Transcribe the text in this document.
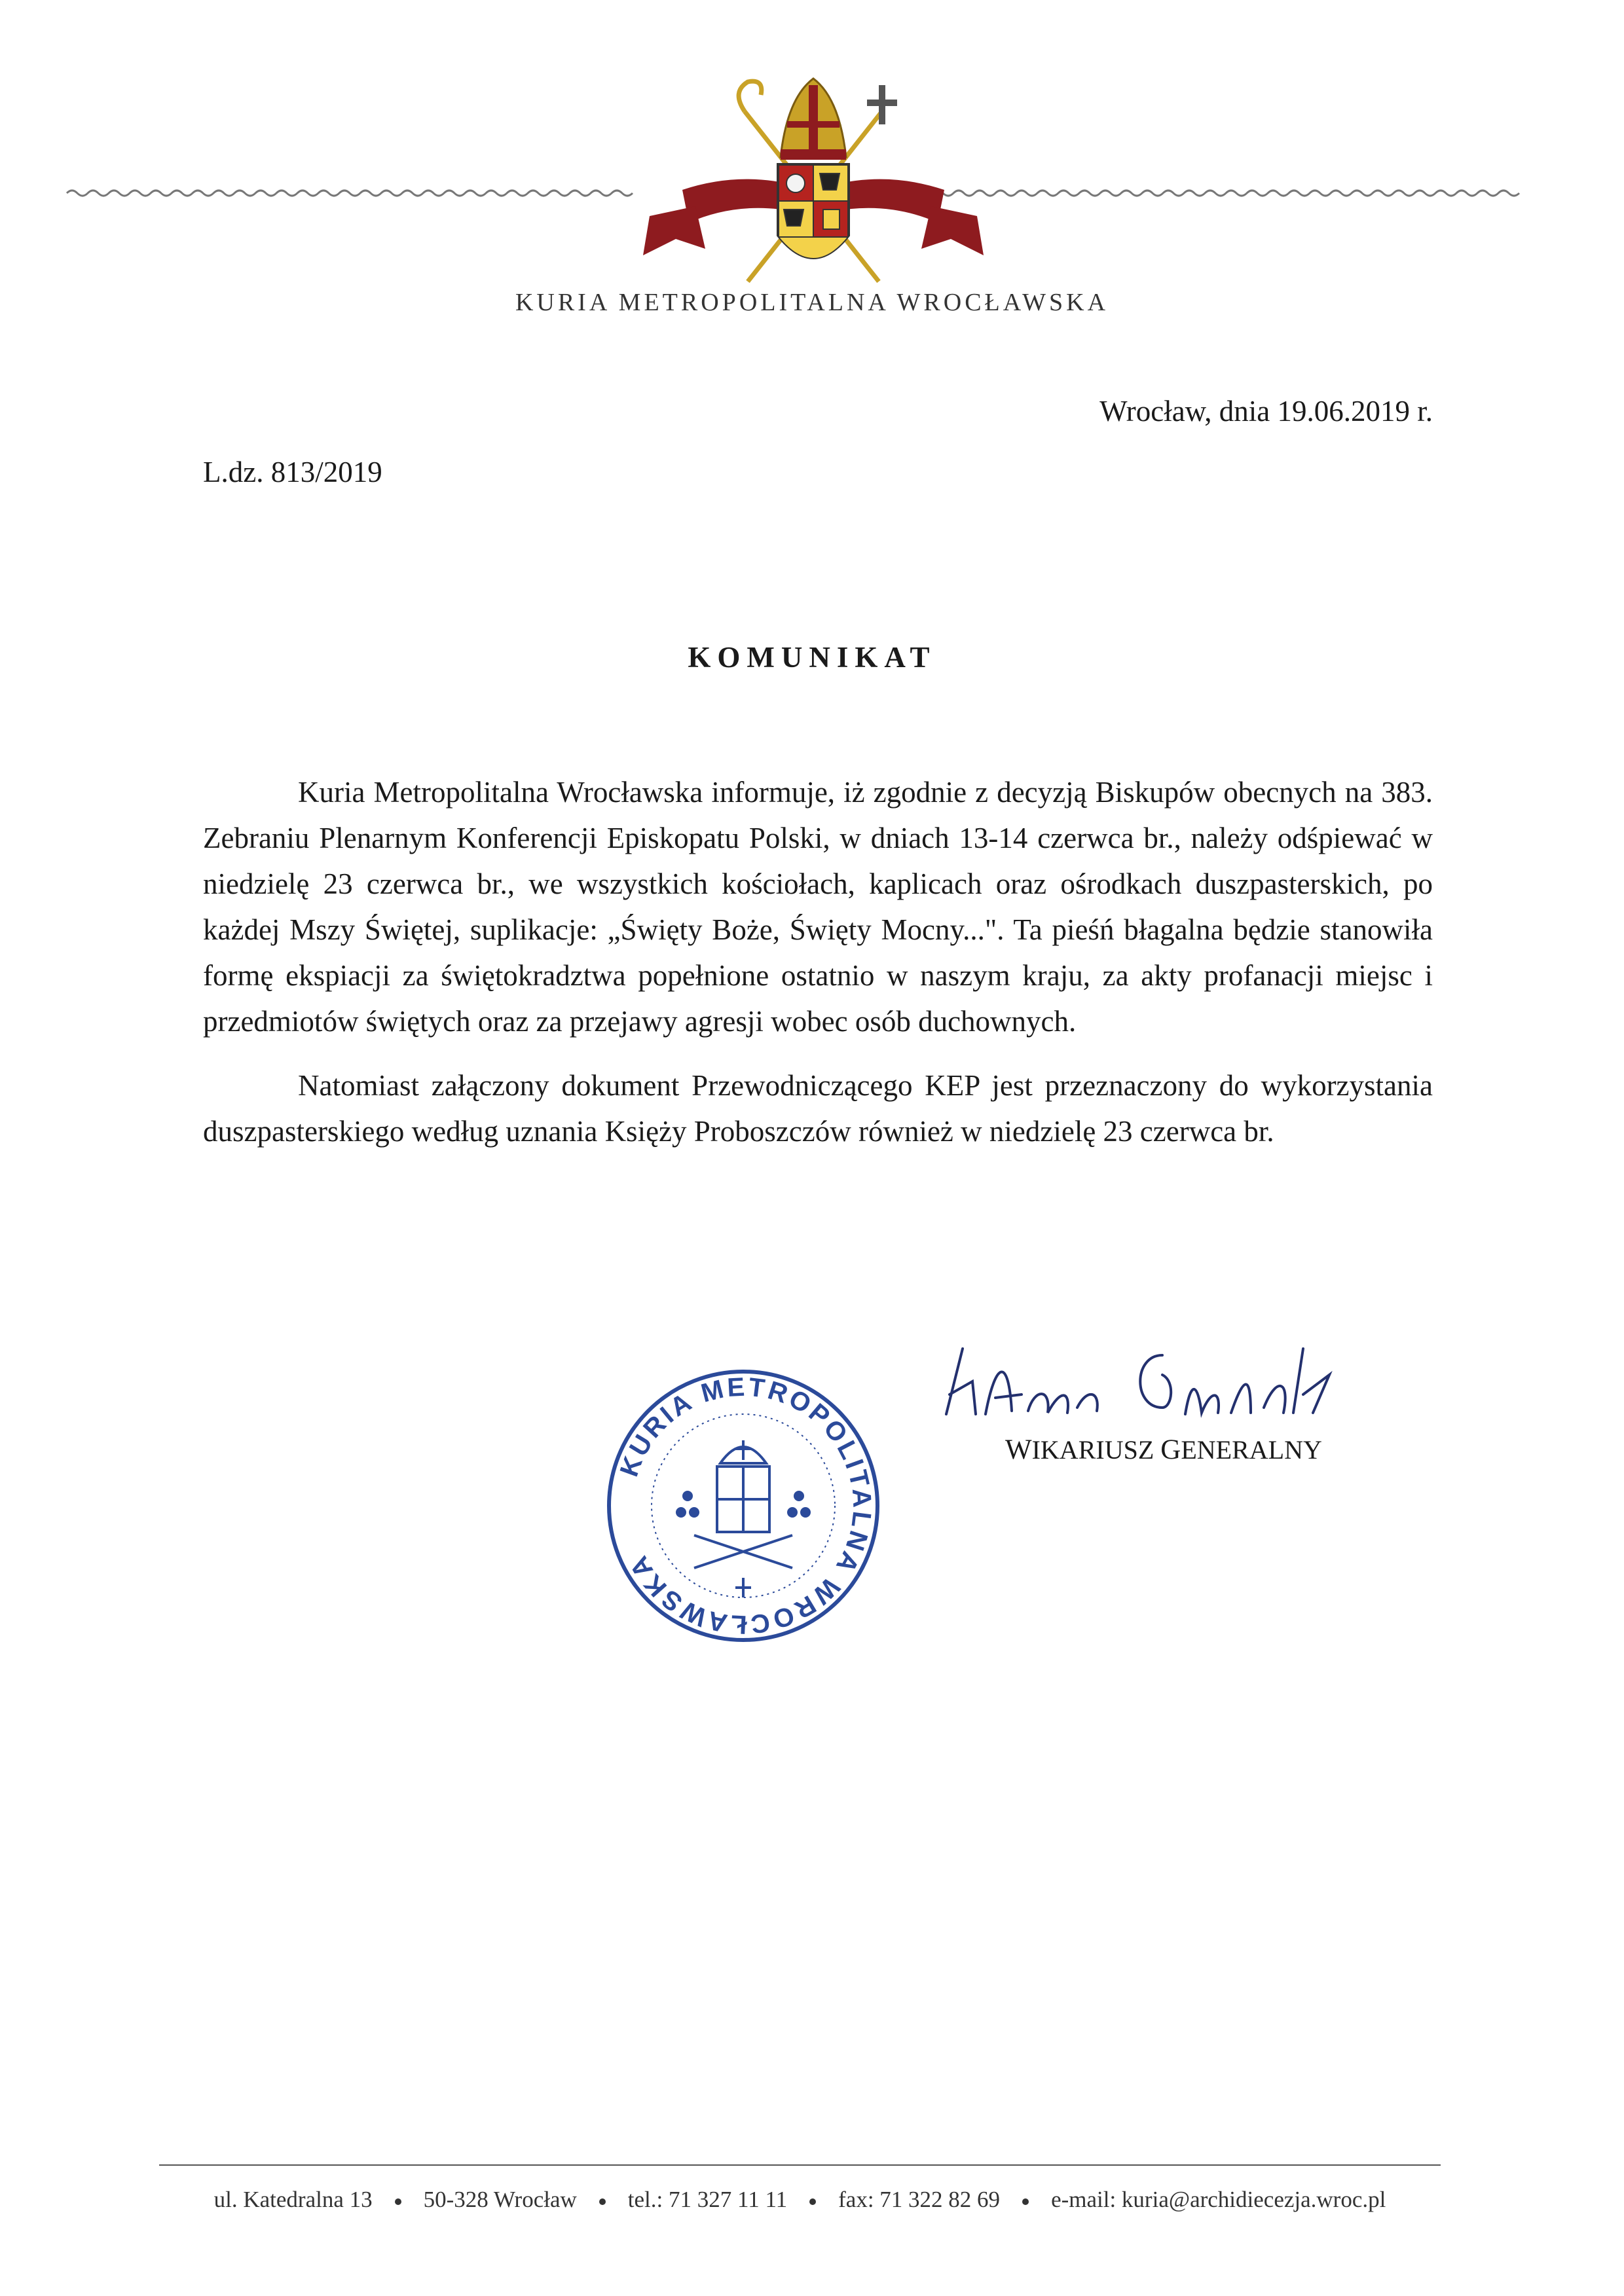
KURIA METROPOLITALNA WROCŁAWSKA
Wrocław, dnia 19.06.2019 r.
L.dz. 813/2019
KOMUNIKAT

Kuria Metropolitalna Wrocławska informuje, iż zgodnie z decyzją Biskupów obecnych na 383. Zebraniu Plenarnym Konferencji Episkopatu Polski, w dniach 13-14 czerwca br., należy odśpiewać w niedzielę 23 czerwca br., we wszystkich kościołach, kaplicach oraz ośrodkach duszpasterskich, po każdej Mszy Świętej, suplikacje: „Święty Boże, Święty Mocny...". Ta pieśń błagalna będzie stanowiła formę ekspiacji za świętokradztwa popełnione ostatnio w naszym kraju, za akty profanacji miejsc i przedmiotów świętych oraz za przejawy agresji wobec osób duchownych.

Natomiast załączony dokument Przewodniczącego KEP jest przeznaczony do wykorzystania duszpasterskiego według uznania Księży Proboszczów również w niedzielę 23 czerwca br.

KURIA METROPOLITALNA WROCŁAWSKA
WIKARIUSZ GENERALNY
ul. Katedralna 13 50-328 Wrocław tel.: 71 327 11 11 fax: 71 322 82 69 e-mail: kuria@archidiecezja.wroc.pl
